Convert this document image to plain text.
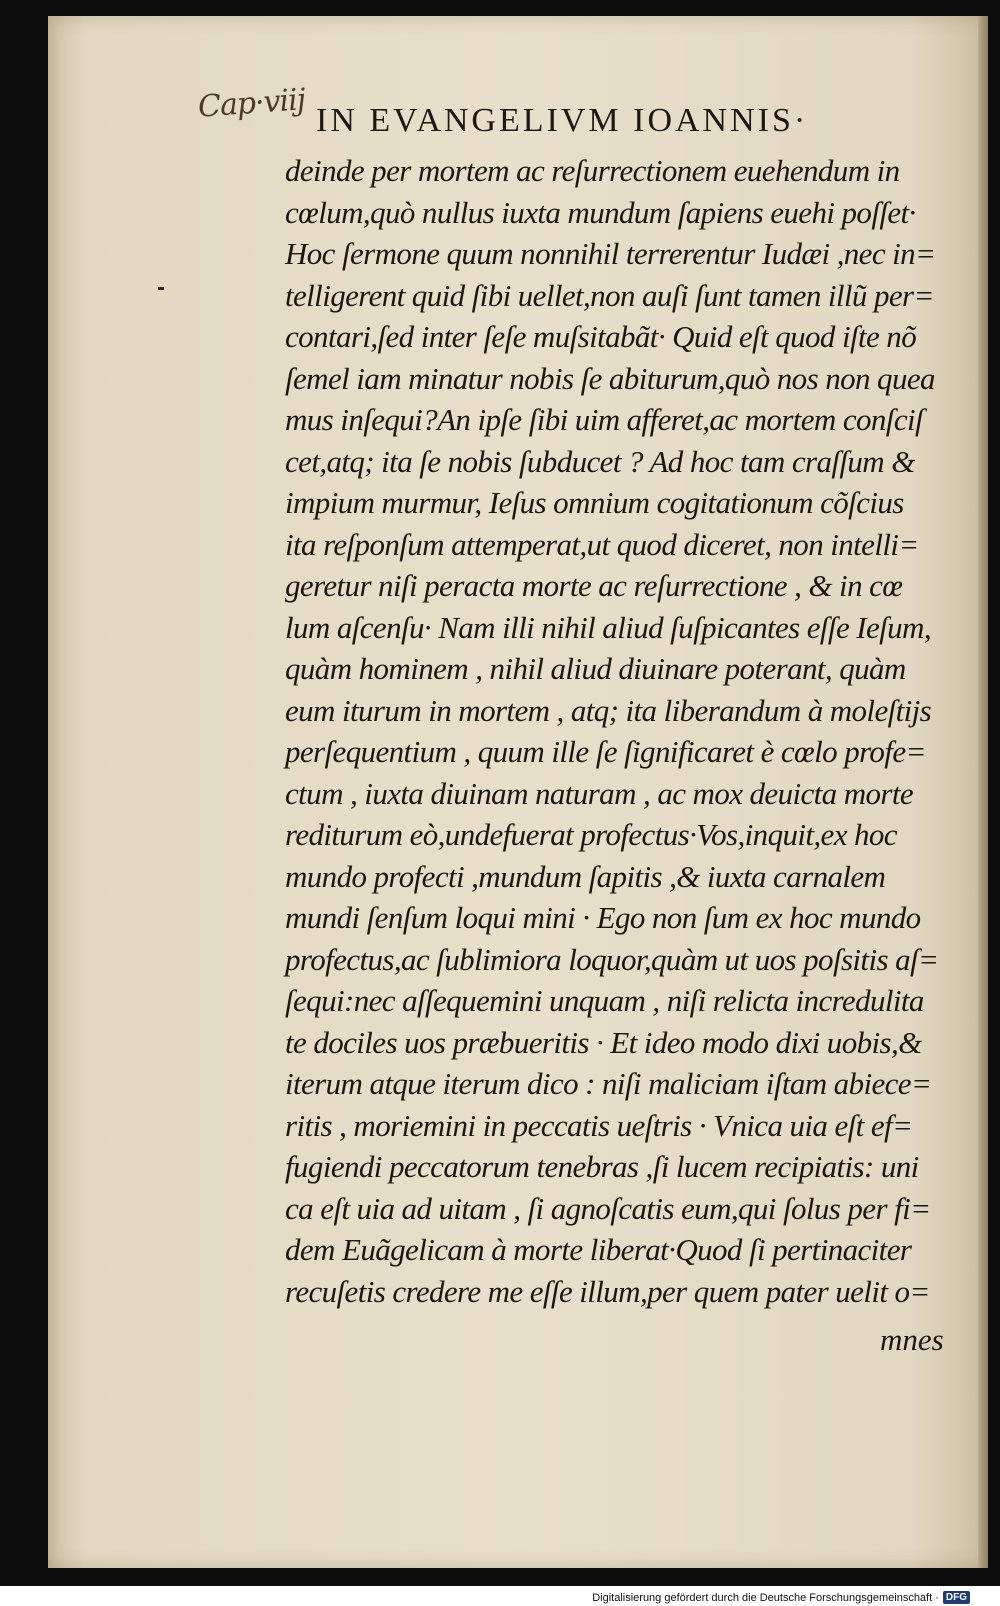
Cap·viij IN EVANGELIVM IOANNIS·
deinde per mortem ac reſurrectionem euehendum in
cœlum,quò nullus iuxta mundum ſapiens euehi poſſet·
Hoc ſermone quum nonnihil terrerentur Iudæi ,nec in=
telligerent quid ſibi uellet,non auſi ſunt tamen illũ per=
contari,ſed inter ſeſe muſsitabãt· Quid eſt quod iſte nõ
ſemel iam minatur nobis ſe abiturum,quò nos non quea
mus inſequi?An ipſe ſibi uim afferet,ac mortem conſciſ
cet,atq; ita ſe nobis ſubducet ? Ad hoc tam craſſum &
impium murmur, Ieſus omnium cogitationum cõſcius
ita reſponſum attemperat,ut quod diceret, non intelli=
geretur niſi peracta morte ac reſurrectione , & in cœ
lum aſcenſu· Nam illi nihil aliud ſuſpicantes eſſe Ieſum,
quàm hominem , nihil aliud diuinare poterant, quàm
eum iturum in mortem , atq; ita liberandum à moleſtijs
perſequentium , quum ille ſe ſignificaret è cœlo profe=
ctum , iuxta diuinam naturam , ac mox deuicta morte
rediturum eò,undefuerat profectus·Vos,inquit,ex hoc
mundo profecti ,mundum ſapitis ,& iuxta carnalem
mundi ſenſum loqui mini · Ego non ſum ex hoc mundo
profectus,ac ſublimiora loquor,quàm ut uos poſsitis aſ=
ſequi:nec aſſequemini unquam , niſi relicta incredulita
te dociles uos præbueritis · Et ideo modo dixi uobis,&
iterum atque iterum dico : niſi maliciam iſtam abiece=
ritis , moriemini in peccatis ueſtris · Vnica uia eſt ef=
fugiendi peccatorum tenebras ,ſi lucem recipiatis: uni
ca eſt uia ad uitam , ſi agnoſcatis eum,qui ſolus per fi=
dem Euãgelicam à morte liberat·Quod ſi pertinaciter
recuſetis credere me eſſe illum,per quem pater uelit o=
mnes
Digitalisierung gefördert durch die Deutsche Forschungsgemeinschaft · DFG
